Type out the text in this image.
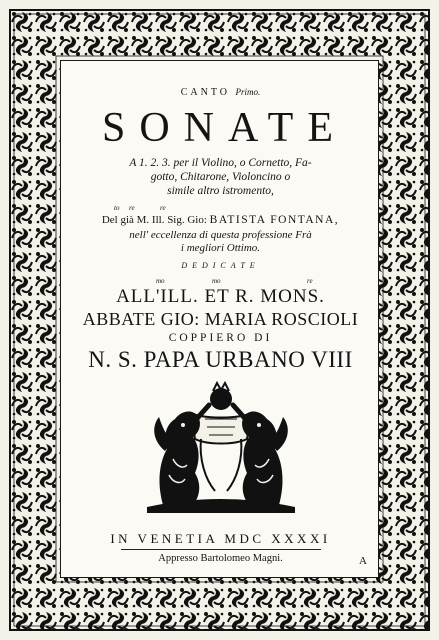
CANTO Primo.
SONATE
A 1. 2. 3. per il Violino, o Cornetto, Fa-
gotto, Chitarone, Violoncino o
simile altro istromento,
to re	re
Del già M. Ill. Sig. Gio: BATISTA FONTANA,
nell' eccellenza di questa professione Frà
i megliori Ottimo.
DEDICATE
mo	mo	re
ALL'ILL. ET R. MONS.
ABBATE GIO: MARIA ROSCIOLI
COPPIERO DI
N. S. PAPA URBANO VIII
IN VENETIA MDC XXXXI
Appresso Bartolomeo Magni.	A
